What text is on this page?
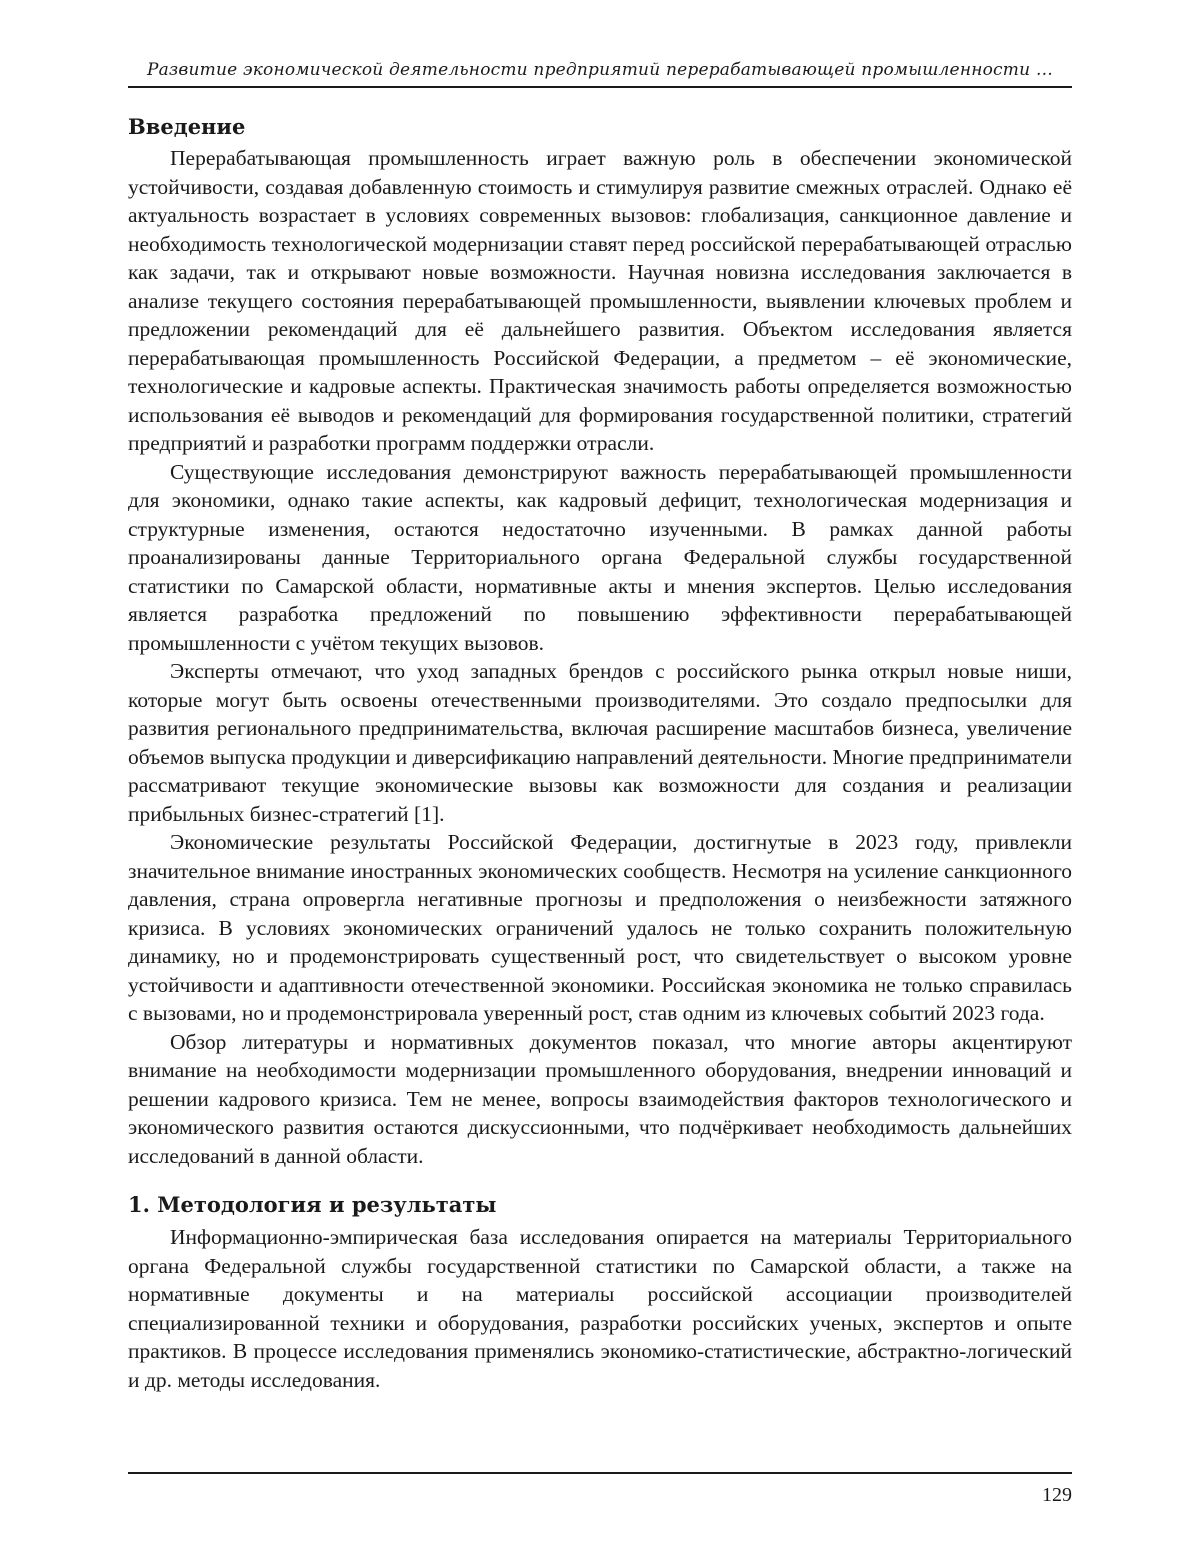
Развитие экономической деятельности предприятий перерабатывающей промышленности …
Введение

Перерабатывающая промышленность играет важную роль в обеспечении экономической устойчивости, создавая добавленную стоимость и стимулируя развитие смежных отраслей. Однако её актуальность возрастает в условиях современных вызовов: глобализация, санкционное давление и необходимость технологической модернизации ставят перед российской перерабатывающей отраслью как задачи, так и открывают новые возможности. Научная новизна исследования заключается в анализе текущего состояния перерабатывающей промышленности, выявлении ключевых проблем и предложении рекомендаций для её дальнейшего развития. Объектом исследования является перерабатывающая промышленность Российской Федерации, а предметом – её экономические, технологические и кадровые аспекты. Практическая значимость работы определяется возможностью использования её выводов и рекомендаций для формирования государственной политики, стратегий предприятий и разработки программ поддержки отрасли.

Существующие исследования демонстрируют важность перерабатывающей промышленности для экономики, однако такие аспекты, как кадровый дефицит, технологическая модернизация и структурные изменения, остаются недостаточно изученными. В рамках данной работы проанализированы данные Территориального органа Федеральной службы государственной статистики по Самарской области, нормативные акты и мнения экспертов. Целью исследования является разработка предложений по повышению эффективности перерабатывающей промышленности с учётом текущих вызовов.

Эксперты отмечают, что уход западных брендов с российского рынка открыл новые ниши, которые могут быть освоены отечественными производителями. Это создало предпосылки для развития регионального предпринимательства, включая расширение масштабов бизнеса, увеличение объемов выпуска продукции и диверсификацию направлений деятельности. Многие предприниматели рассматривают текущие экономические вызовы как возможности для создания и реализации прибыльных бизнес-стратегий [1].

Экономические результаты Российской Федерации, достигнутые в 2023 году, привлекли значительное внимание иностранных экономических сообществ. Несмотря на усиление санкционного давления, страна опровергла негативные прогнозы и предположения о неизбежности затяжного кризиса. В условиях экономических ограничений удалось не только сохранить положительную динамику, но и продемонстрировать существенный рост, что свидетельствует о высоком уровне устойчивости и адаптивности отечественной экономики. Российская экономика не только справилась с вызовами, но и продемонстрировала уверенный рост, став одним из ключевых событий 2023 года.

Обзор литературы и нормативных документов показал, что многие авторы акцентируют внимание на необходимости модернизации промышленного оборудования, внедрении инноваций и решении кадрового кризиса. Тем не менее, вопросы взаимодействия факторов технологического и экономического развития остаются дискуссионными, что подчёркивает необходимость дальнейших исследований в данной области.

1. Методология и результаты

Информационно-эмпирическая база исследования опирается на материалы Территориального органа Федеральной службы государственной статистики по Самарской области, а также на нормативные документы и на материалы российской ассоциации производителей специализированной техники и оборудования, разработки российских ученых, экспертов и опыте практиков. В процессе исследования применялись экономико-статистические, абстрактно-логический и др. методы исследования.

129
